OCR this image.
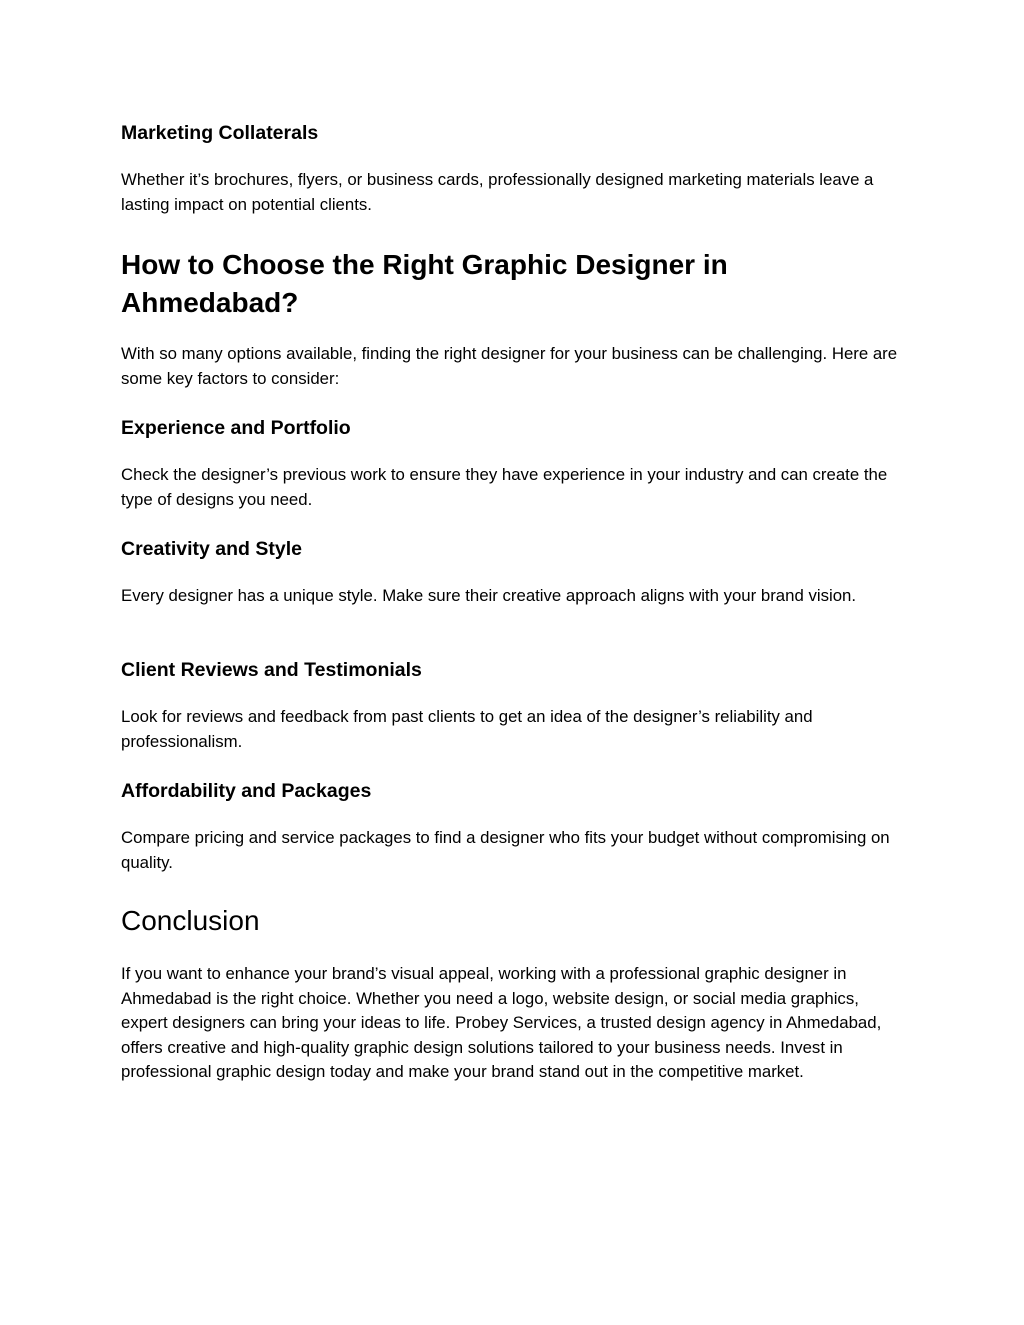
Marketing Collaterals

Whether it’s brochures, flyers, or business cards, professionally designed marketing materials leave a lasting impact on potential clients.

How to Choose the Right Graphic Designer in Ahmedabad?

With so many options available, finding the right designer for your business can be challenging. Here are some key factors to consider:

Experience and Portfolio

Check the designer’s previous work to ensure they have experience in your industry and can create the type of designs you need.

Creativity and Style

Every designer has a unique style. Make sure their creative approach aligns with your brand vision.

Client Reviews and Testimonials

Look for reviews and feedback from past clients to get an idea of the designer’s reliability and professionalism.

Affordability and Packages

Compare pricing and service packages to find a designer who fits your budget without compromising on quality.

Conclusion

If you want to enhance your brand’s visual appeal, working with a professional graphic designer in Ahmedabad is the right choice. Whether you need a logo, website design, or social media graphics, expert designers can bring your ideas to life. Probey Services, a trusted design agency in Ahmedabad, offers creative and high-quality graphic design solutions tailored to your business needs. Invest in professional graphic design today and make your brand stand out in the competitive market.
